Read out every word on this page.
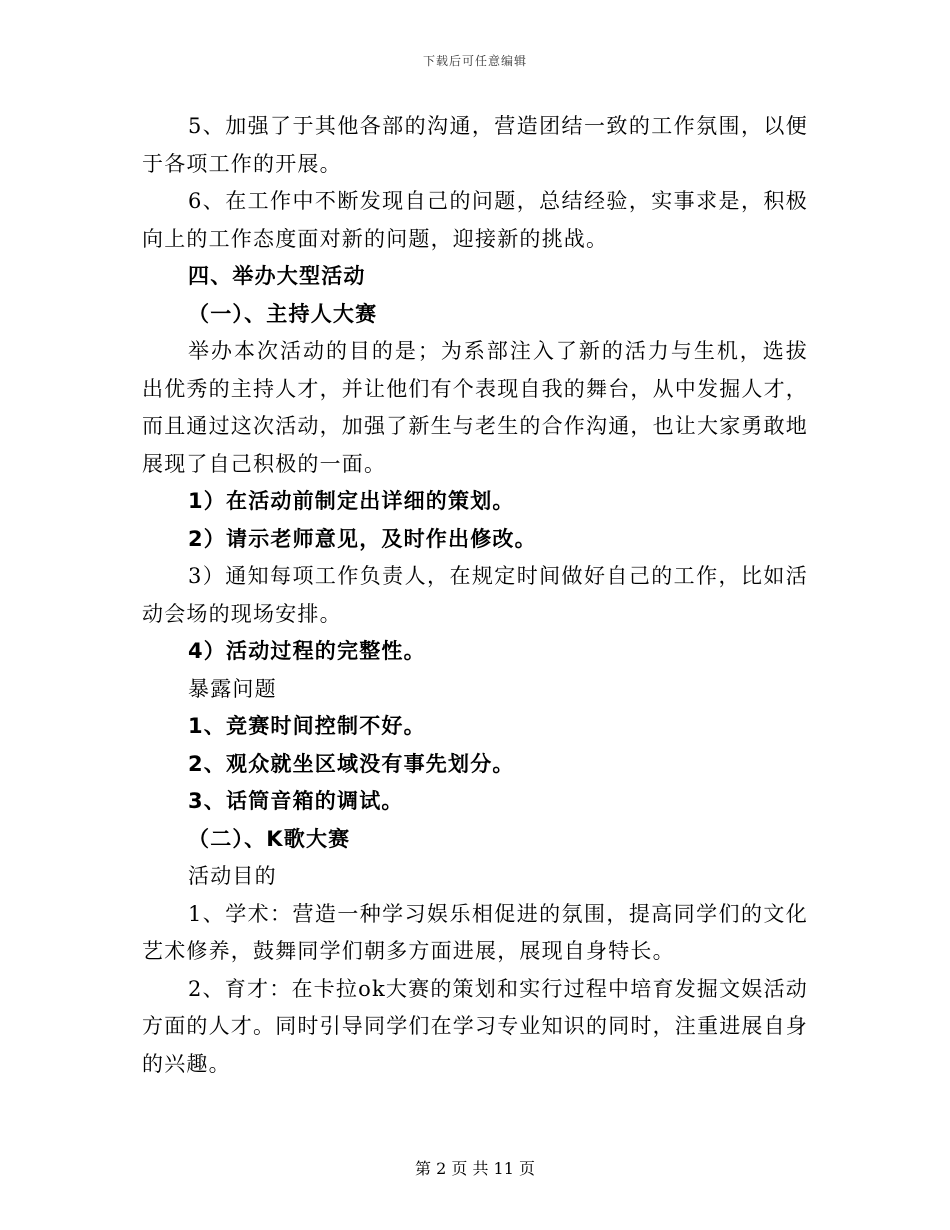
下载后可任意编辑

5、加强了于其他各部的沟通，营造团结一致的工作氛围，以便于各项工作的开展。

6、在工作中不断发现自己的问题，总结经验，实事求是，积极向上的工作态度面对新的问题，迎接新的挑战。

四、举办大型活动

（一）、主持人大赛

举办本次活动的目的是；为系部注入了新的活力与生机，选拔出优秀的主持人才，并让他们有个表现自我的舞台，从中发掘人才，而且通过这次活动，加强了新生与老生的合作沟通，也让大家勇敢地展现了自己积极的一面。

1）在活动前制定出详细的策划。

2）请示老师意见，及时作出修改。

3）通知每项工作负责人，在规定时间做好自己的工作，比如活动会场的现场安排。

4）活动过程的完整性。

暴露问题

1、竞赛时间控制不好。

2、观众就坐区域没有事先划分。

3、话筒音箱的调试。

（二）、K歌大赛

活动目的

1、学术：营造一种学习娱乐相促进的氛围，提高同学们的文化艺术修养，鼓舞同学们朝多方面进展，展现自身特长。

2、育才：在卡拉ok大赛的策划和实行过程中培育发掘文娱活动方面的人才。同时引导同学们在学习专业知识的同时，注重进展自身的兴趣。

第 2 页 共 11 页
